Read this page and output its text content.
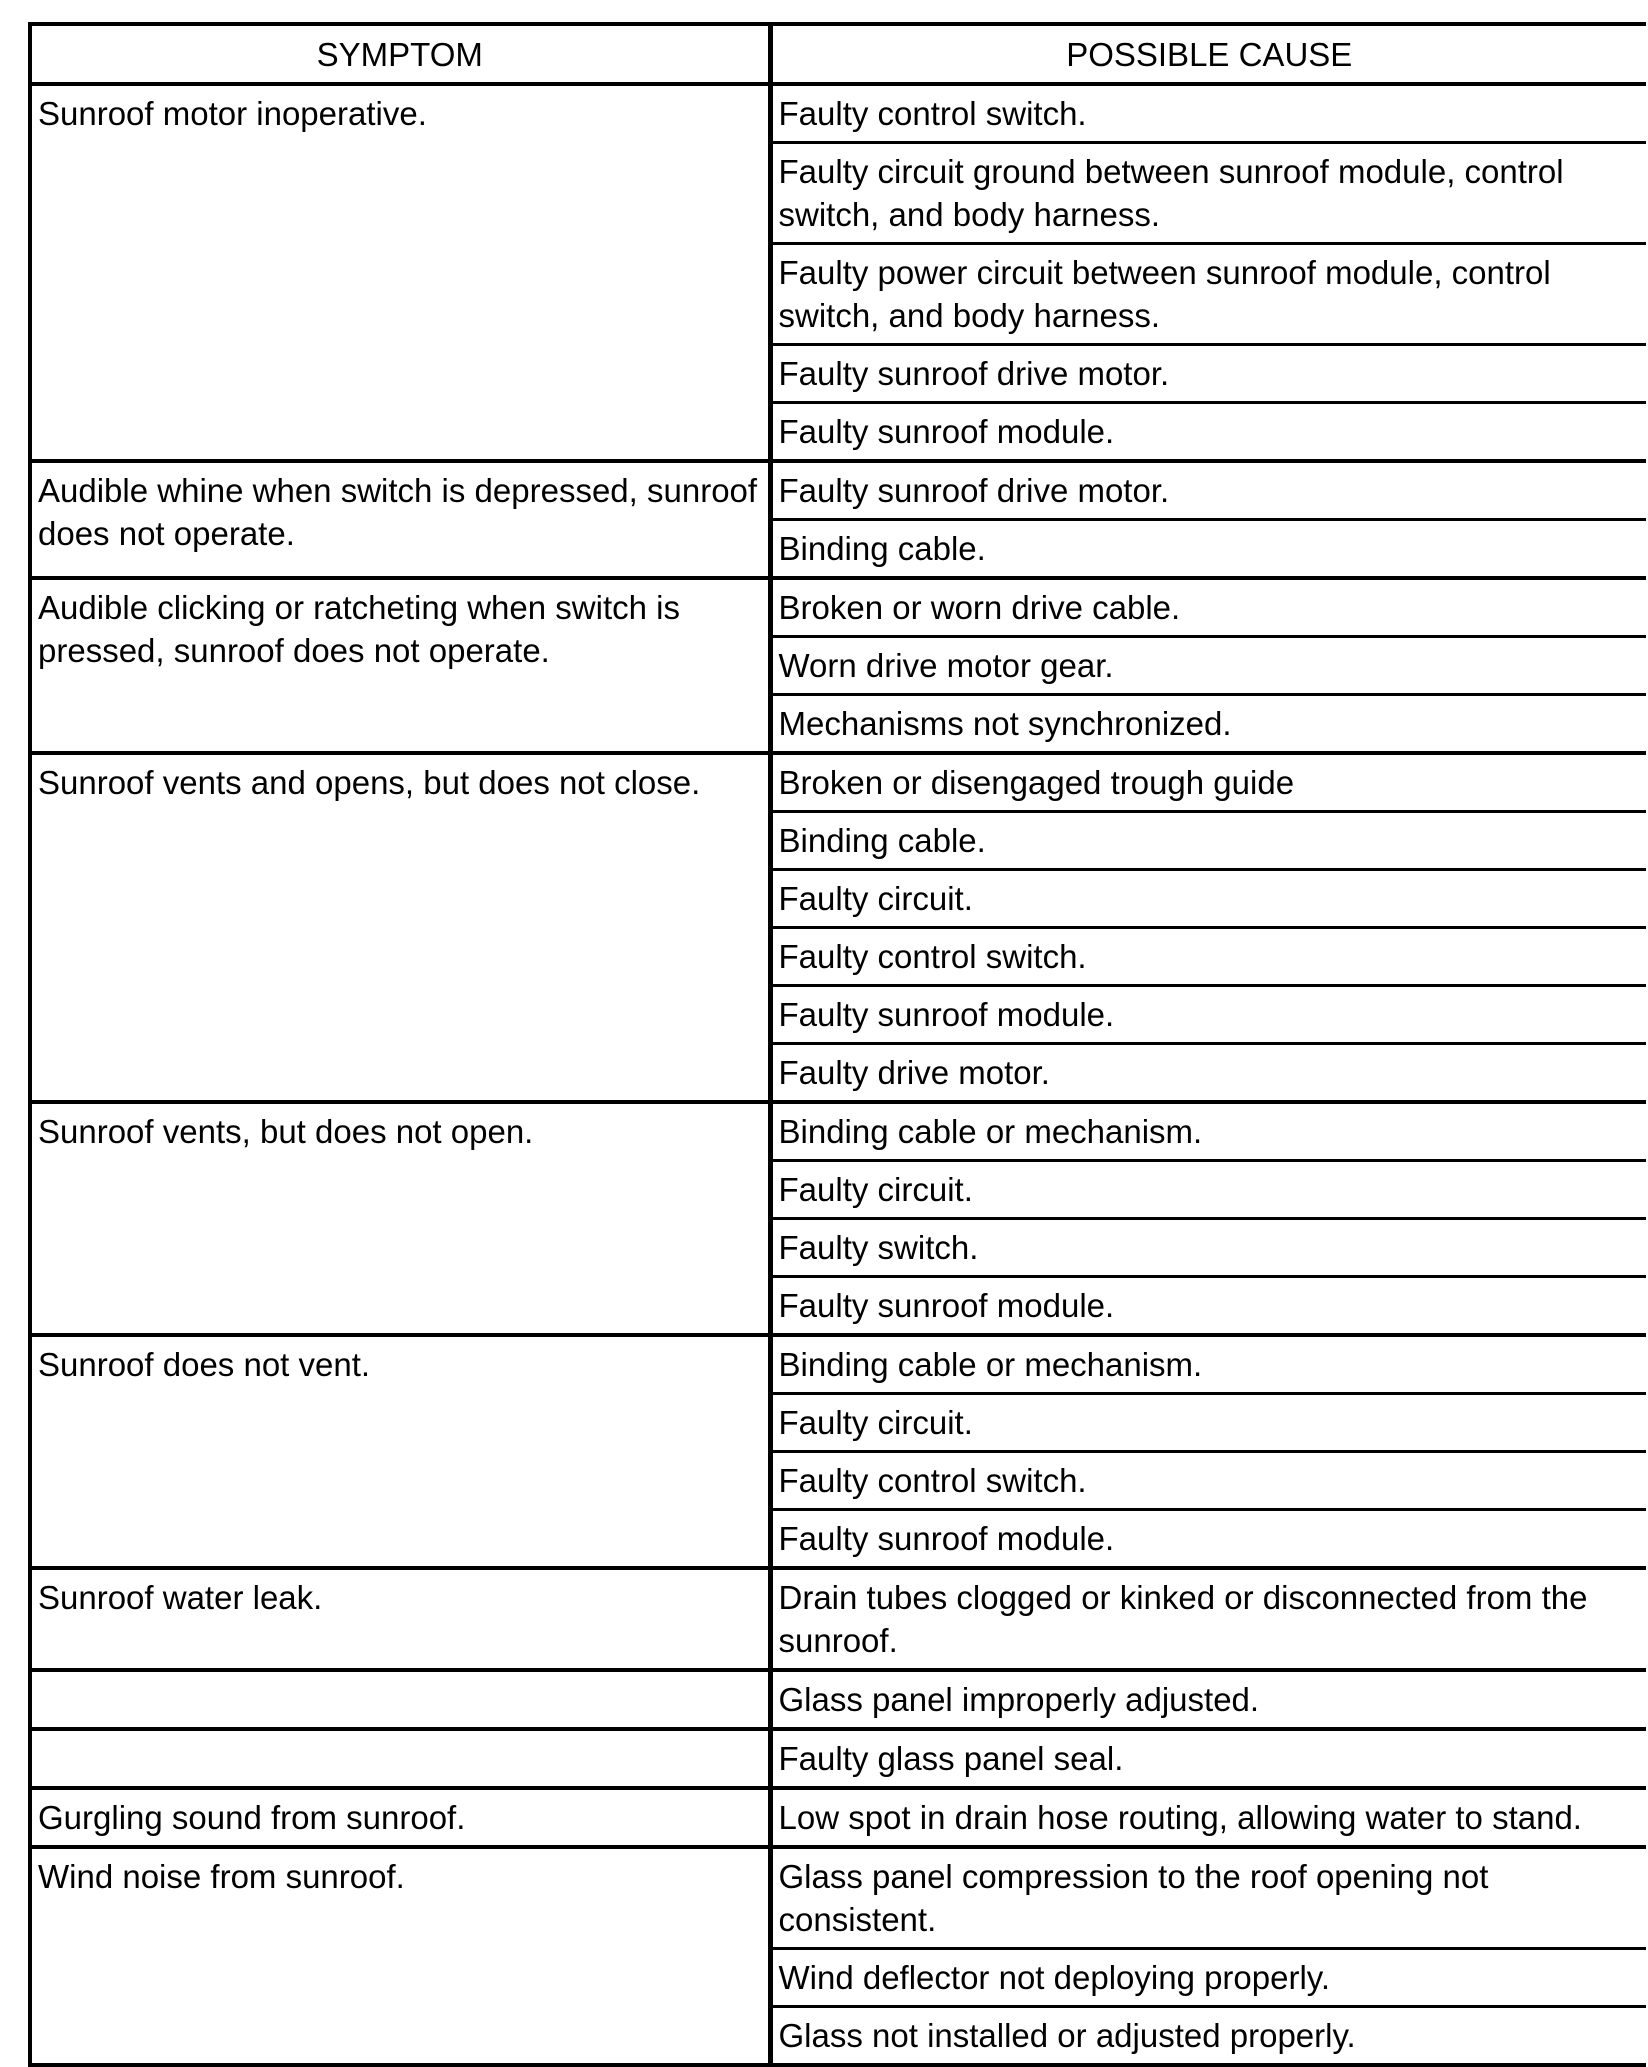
SYMPTOM	POSSIBLE CAUSE
Sunroof motor inoperative.	Faulty control switch.
	Faulty circuit ground between sunroof module, control switch, and body harness.
	Faulty power circuit between sunroof module, control switch, and body harness.
	Faulty sunroof drive motor.
	Faulty sunroof module.
Audible whine when switch is depressed, sunroof does not operate.	Faulty sunroof drive motor.
	Binding cable.
Audible clicking or ratcheting when switch is pressed, sunroof does not operate.	Broken or worn drive cable.
	Worn drive motor gear.
	Mechanisms not synchronized.
Sunroof vents and opens, but does not close.	Broken or disengaged trough guide
	Binding cable.
	Faulty circuit.
	Faulty control switch.
	Faulty sunroof module.
	Faulty drive motor.
Sunroof vents, but does not open.	Binding cable or mechanism.
	Faulty circuit.
	Faulty switch.
	Faulty sunroof module.
Sunroof does not vent.	Binding cable or mechanism.
	Faulty circuit.
	Faulty control switch.
	Faulty sunroof module.
Sunroof water leak.	Drain tubes clogged or kinked or disconnected from the sunroof.
	Glass panel improperly adjusted.
	Faulty glass panel seal.
Gurgling sound from sunroof.	Low spot in drain hose routing, allowing water to stand.
Wind noise from sunroof.	Glass panel compression to the roof opening not consistent.
	Wind deflector not deploying properly.
	Glass not installed or adjusted properly.
